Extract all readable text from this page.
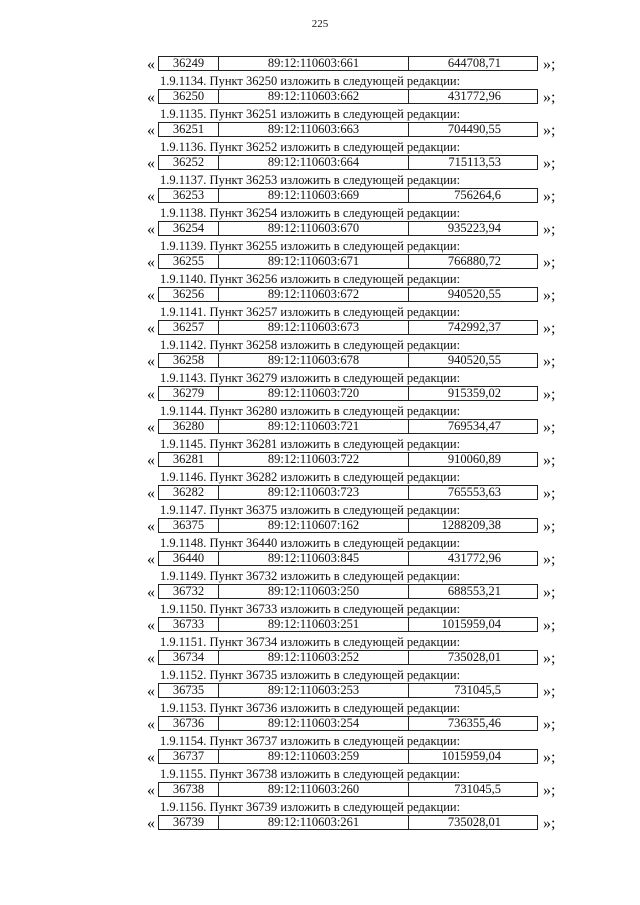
225
«	36249	89:12:110603:661	644708,71	»;
1.9.1134. Пункт 36250 изложить в следующей редакции:
«	36250	89:12:110603:662	431772,96	»;
1.9.1135. Пункт 36251 изложить в следующей редакции:
«	36251	89:12:110603:663	704490,55	»;
1.9.1136. Пункт 36252 изложить в следующей редакции:
«	36252	89:12:110603:664	715113,53	»;
1.9.1137. Пункт 36253 изложить в следующей редакции:
«	36253	89:12:110603:669	756264,6	»;
1.9.1138. Пункт 36254 изложить в следующей редакции:
«	36254	89:12:110603:670	935223,94	»;
1.9.1139. Пункт 36255 изложить в следующей редакции:
«	36255	89:12:110603:671	766880,72	»;
1.9.1140. Пункт 36256 изложить в следующей редакции:
«	36256	89:12:110603:672	940520,55	»;
1.9.1141. Пункт 36257 изложить в следующей редакции:
«	36257	89:12:110603:673	742992,37	»;
1.9.1142. Пункт 36258 изложить в следующей редакции:
«	36258	89:12:110603:678	940520,55	»;
1.9.1143. Пункт 36279 изложить в следующей редакции:
«	36279	89:12:110603:720	915359,02	»;
1.9.1144. Пункт 36280 изложить в следующей редакции:
«	36280	89:12:110603:721	769534,47	»;
1.9.1145. Пункт 36281 изложить в следующей редакции:
«	36281	89:12:110603:722	910060,89	»;
1.9.1146. Пункт 36282 изложить в следующей редакции:
«	36282	89:12:110603:723	765553,63	»;
1.9.1147. Пункт 36375 изложить в следующей редакции:
«	36375	89:12:110607:162	1288209,38	»;
1.9.1148. Пункт 36440 изложить в следующей редакции:
«	36440	89:12:110603:845	431772,96	»;
1.9.1149. Пункт 36732 изложить в следующей редакции:
«	36732	89:12:110603:250	688553,21	»;
1.9.1150. Пункт 36733 изложить в следующей редакции:
«	36733	89:12:110603:251	1015959,04	»;
1.9.1151. Пункт 36734 изложить в следующей редакции:
«	36734	89:12:110603:252	735028,01	»;
1.9.1152. Пункт 36735 изложить в следующей редакции:
«	36735	89:12:110603:253	731045,5	»;
1.9.1153. Пункт 36736 изложить в следующей редакции:
«	36736	89:12:110603:254	736355,46	»;
1.9.1154. Пункт 36737 изложить в следующей редакции:
«	36737	89:12:110603:259	1015959,04	»;
1.9.1155. Пункт 36738 изложить в следующей редакции:
«	36738	89:12:110603:260	731045,5	»;
1.9.1156. Пункт 36739 изложить в следующей редакции:
«	36739	89:12:110603:261	735028,01	»;
